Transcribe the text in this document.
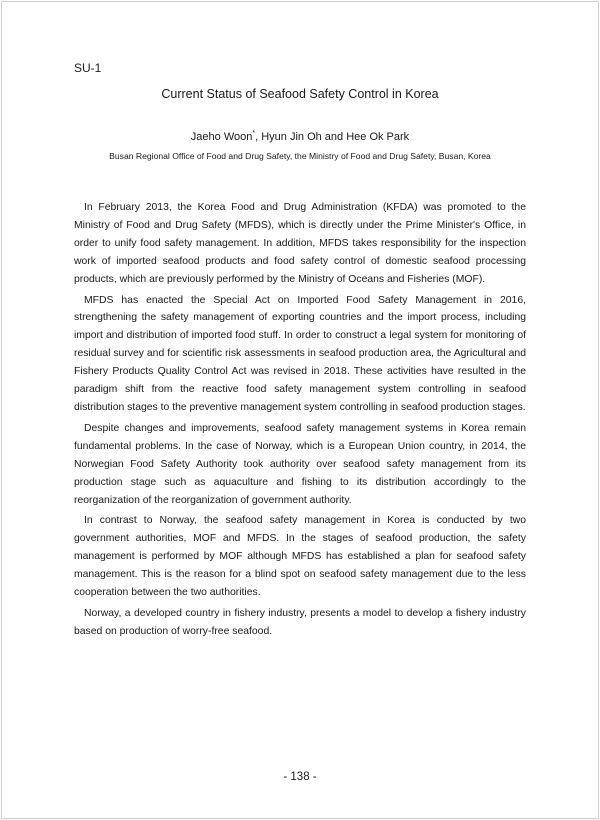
SU-1
Current Status of Seafood Safety Control in Korea
Jaeho Woon*, Hyun Jin Oh and Hee Ok Park
Busan Regional Office of Food and Drug Safety, the Ministry of Food and Drug Safety, Busan, Korea

In February 2013, the Korea Food and Drug Administration (KFDA) was promoted to the Ministry of Food and Drug Safety (MFDS), which is directly under the Prime Minister's Office, in order to unify food safety management. In addition, MFDS takes responsibility for the inspection work of imported seafood products and food safety control of domestic seafood processing products, which are previously performed by the Ministry of Oceans and Fisheries (MOF).

MFDS has enacted the Special Act on Imported Food Safety Management in 2016, strengthening the safety management of exporting countries and the import process, including import and distribution of imported food stuff. In order to construct a legal system for monitoring of residual survey and for scientific risk assessments in seafood production area, the Agricultural and Fishery Products Quality Control Act was revised in 2018. These activities have resulted in the paradigm shift from the reactive food safety management system controlling in seafood distribution stages to the preventive management system controlling in seafood production stages.

Despite changes and improvements, seafood safety management systems in Korea remain fundamental problems. In the case of Norway, which is a European Union country, in 2014, the Norwegian Food Safety Authority took authority over seafood safety management from its production stage such as aquaculture and fishing to its distribution accordingly to the reorganization of the reorganization of government authority.

In contrast to Norway, the seafood safety management in Korea is conducted by two government authorities, MOF and MFDS. In the stages of seafood production, the safety management is performed by MOF although MFDS has established a plan for seafood safety management. This is the reason for a blind spot on seafood safety management due to the less cooperation between the two authorities.

Norway, a developed country in fishery industry, presents a model to develop a fishery industry based on production of worry-free seafood.

- 138 -
